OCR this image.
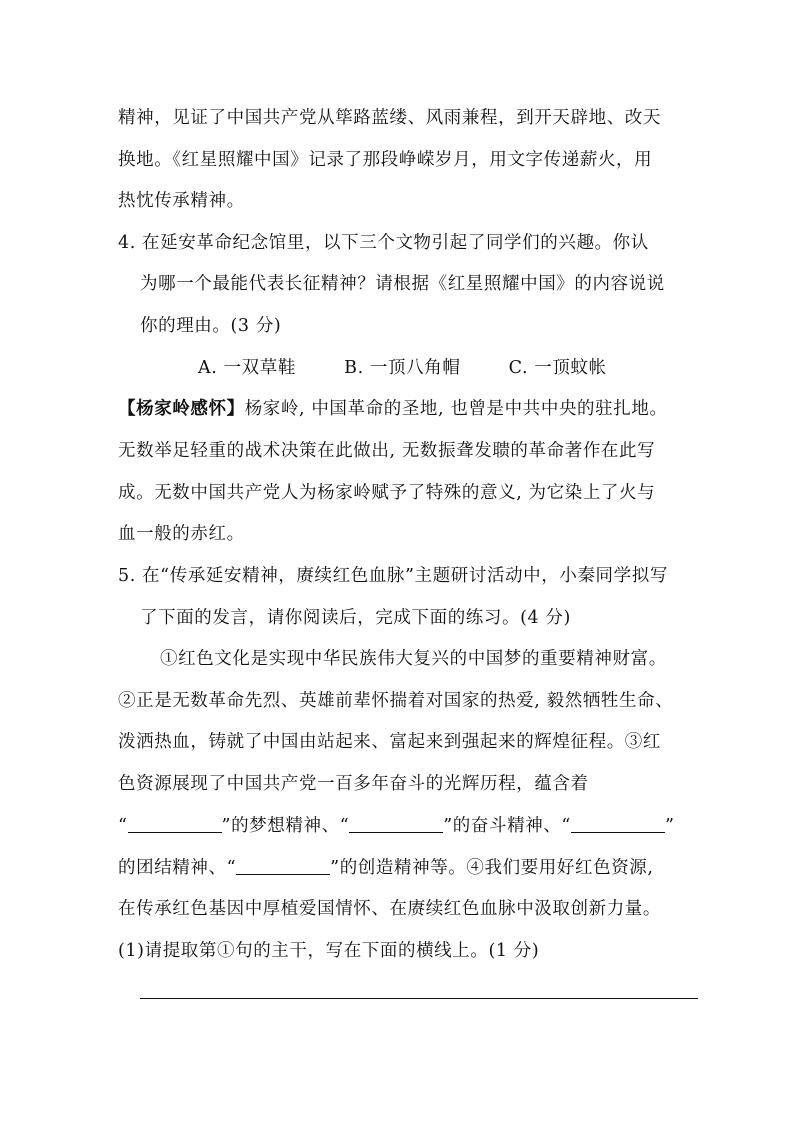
精神，见证了中国共产党从筚路蓝缕、风雨兼程，到开天辟地、改天
换地。《红星照耀中国》记录了那段峥嵘岁月，用文字传递薪火，用
热忱传承精神。
4. 在延安革命纪念馆里，以下三个文物引起了同学们的兴趣。你认
为哪一个最能代表长征精神？请根据《红星照耀中国》的内容说说
你的理由。(3 分)
A. 一双草鞋	B. 一顶八角帽	C. 一顶蚊帐
【杨家岭感怀】杨家岭, 中国革命的圣地, 也曾是中共中央的驻扎地。
无数举足轻重的战术决策在此做出, 无数振聋发聩的革命著作在此写
成。无数中国共产党人为杨家岭赋予了特殊的意义, 为它染上了火与
血一般的赤红。
5. 在“传承延安精神，赓续红色血脉”主题研讨活动中，小秦同学拟写
了下面的发言，请你阅读后，完成下面的练习。(4 分)
①红色文化是实现中华民族伟大复兴的中国梦的重要精神财富。
②正是无数革命先烈、英雄前辈怀揣着对国家的热爱, 毅然牺牲生命、
泼洒热血，铸就了中国由站起来、富起来到强起来的辉煌征程。③红
色资源展现了中国共产党一百多年奋斗的光辉历程，蕴含着
“	”的梦想精神、“	”的奋斗精神、“	”
的团结精神、“	”的创造精神等。④我们要用好红色资源,
在传承红色基因中厚植爱国情怀、在赓续红色血脉中汲取创新力量。
(1)请提取第①句的主干，写在下面的横线上。(1 分)
